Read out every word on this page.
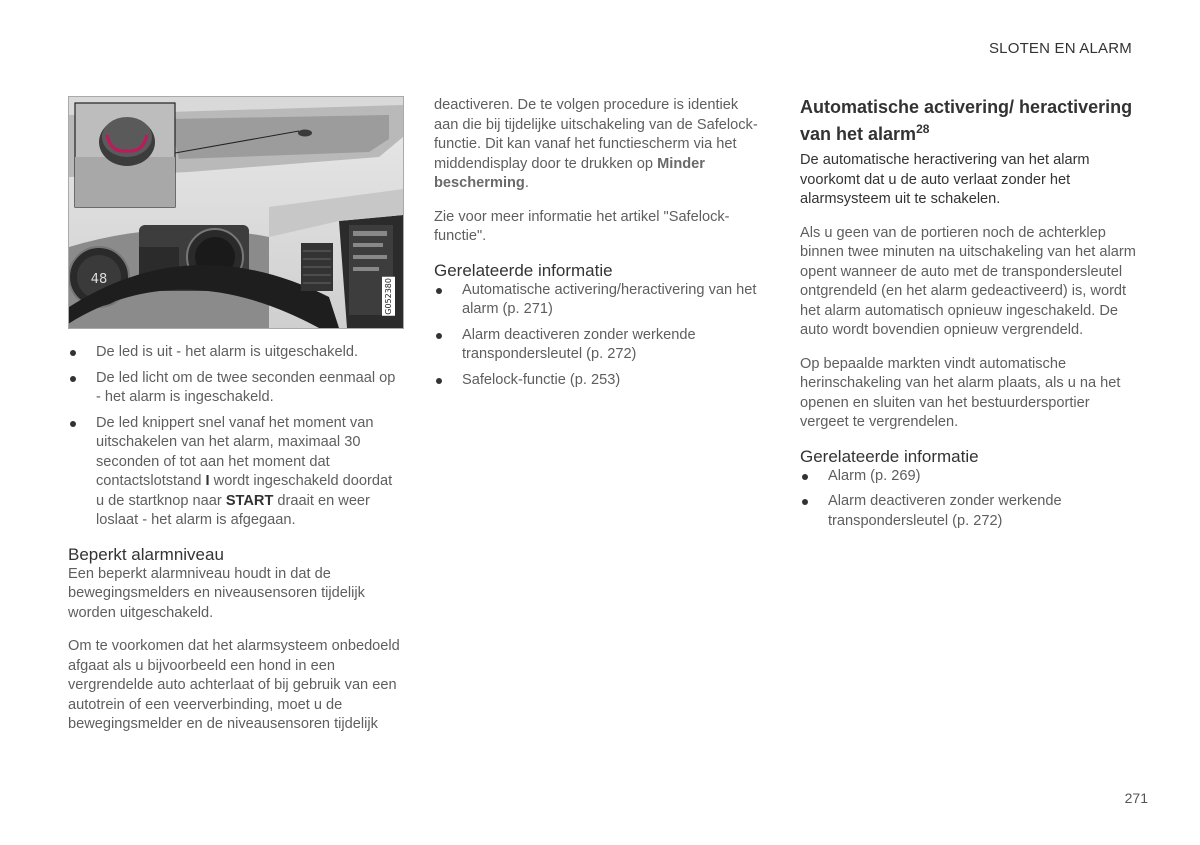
SLOTEN EN ALARM
48	G052380
De led is uit - het alarm is uitgeschakeld.
De led licht om de twee seconden eenmaal op - het alarm is ingeschakeld.
De led knippert snel vanaf het moment van uitschakelen van het alarm, maximaal 30 seconden of tot aan het moment dat contactslotstand I wordt ingeschakeld doordat u de startknop naar START draait en weer loslaat - het alarm is afgegaan.
Beperkt alarmniveau

Een beperkt alarmniveau houdt in dat de bewegingsmelders en niveausensoren tijdelijk worden uitgeschakeld.

Om te voorkomen dat het alarmsysteem onbedoeld afgaat als u bijvoorbeeld een hond in een vergrendelde auto achterlaat of bij gebruik van een autotrein of een veerverbinding, moet u de bewegingsmelder en de niveausensoren tijdelijk

deactiveren. De te volgen procedure is identiek aan die bij tijdelijke uitschakeling van de Safelock-functie. Dit kan vanaf het functiescherm via het middendisplay door te drukken op Minder bescherming.

Zie voor meer informatie het artikel "Safelock-functie".

Gerelateerde informatie
Automatische activering/heractivering van het alarm (p. 271)
Alarm deactiveren zonder werkende transpondersleutel (p. 272)
Safelock-functie (p. 253)
Automatische activering/ heractivering van het alarm$^{28}$

De automatische heractivering van het alarm voorkomt dat u de auto verlaat zonder het alarmsysteem uit te schakelen.

Als u geen van de portieren noch de achterklep binnen twee minuten na uitschakeling van het alarm opent wanneer de auto met de transpondersleutel ontgrendeld (en het alarm gedeactiveerd) is, wordt het alarm automatisch opnieuw ingeschakeld. De auto wordt bovendien opnieuw vergrendeld.

Op bepaalde markten vindt automatische herinschakeling van het alarm plaats, als u na het openen en sluiten van het bestuurdersportier vergeet te vergrendelen.

Gerelateerde informatie
Alarm (p. 269)
Alarm deactiveren zonder werkende transpondersleutel (p. 272)
271
